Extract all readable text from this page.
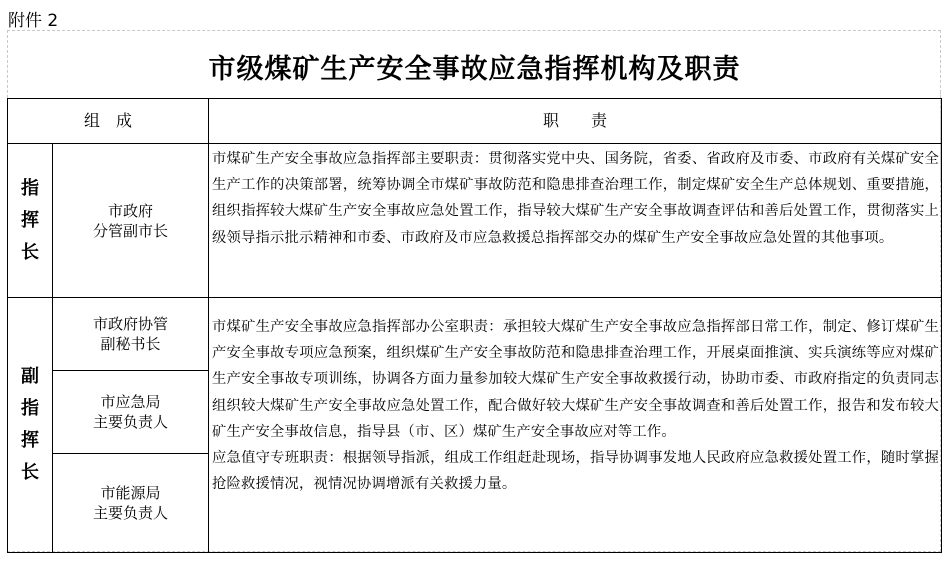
附件 2
市级煤矿生产安全事故应急指挥机构及职责
组　成	职　　责
指
挥
长
市政府
分管副市长
市煤矿生产安全事故应急指挥部主要职责：贯彻落实党中央、国务院，省委、省政府及市委、市政府有关煤矿安全生产工作的决策部署，统筹协调全市煤矿事故防范和隐患排查治理工作，制定煤矿安全生产总体规划、重要措施，组织指挥较大煤矿生产安全事故应急处置工作，指导较大煤矿生产安全事故调查评估和善后处置工作，贯彻落实上级领导指示批示精神和市委、市政府及市应急救援总指挥部交办的煤矿生产安全事故应急处置的其他事项。
副
指
挥
长
市政府协管
副秘书长
市应急局
主要负责人
市能源局
主要负责人
市煤矿生产安全事故应急指挥部办公室职责：承担较大煤矿生产安全事故应急指挥部日常工作，制定、修订煤矿生产安全事故专项应急预案，组织煤矿生产安全事故防范和隐患排查治理工作，开展桌面推演、实兵演练等应对煤矿生产安全事故专项训练，协调各方面力量参加较大煤矿生产安全事故救援行动，协助市委、市政府指定的负责同志组织较大煤矿生产安全事故应急处置工作，配合做好较大煤矿生产安全事故调查和善后处置工作，报告和发布较大矿生产安全事故信息，指导县（市、区）煤矿生产安全事故应对等工作。
应急值守专班职责：根据领导指派，组成工作组赶赴现场，指导协调事发地人民政府应急救援处置工作，随时掌握抢险救援情况，视情况协调增派有关救援力量。
